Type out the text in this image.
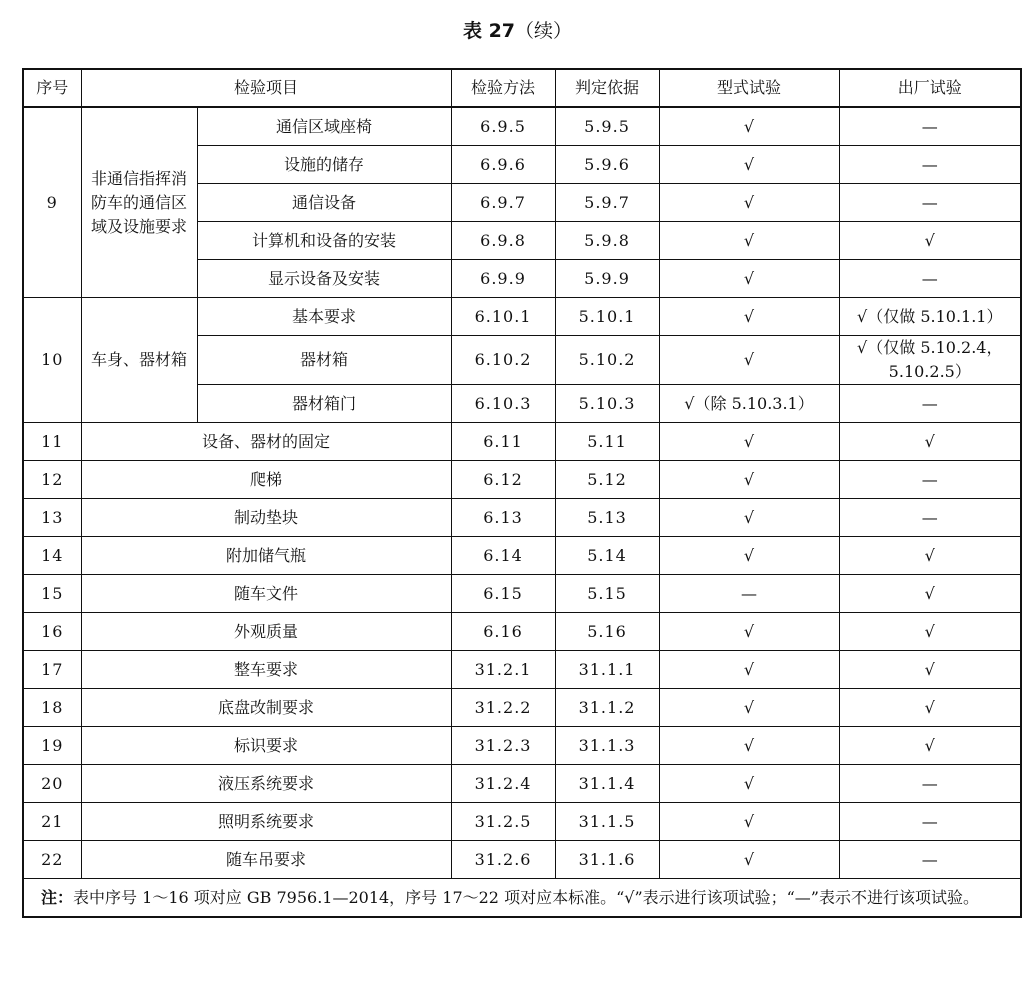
表 27（续）
序号	检验项目		检验方法	判定依据	型式试验	出厂试验
9	非通信指挥消防车的通信区域及设施要求	通信区域座椅	6.9.5	5.9.5	√	—
		设施的储存	6.9.6	5.9.6	√	—
		通信设备	6.9.7	5.9.7	√	—
		计算机和设备的安装	6.9.8	5.9.8	√	√
		显示设备及安装	6.9.9	5.9.9	√	—
10	车身、器材箱	基本要求	6.10.1	5.10.1	√	√（仅做 5.10.1.1）
		器材箱	6.10.2	5.10.2	√	√（仅做 5.10.2.4，5.10.2.5）
		器材箱门	6.10.3	5.10.3	√（除 5.10.3.1）	—
11	设备、器材的固定		6.11	5.11	√	√
12	爬梯		6.12	5.12	√	—
13	制动垫块		6.13	5.13	√	—
14	附加储气瓶		6.14	5.14	√	√
15	随车文件		6.15	5.15	—	√
16	外观质量		6.16	5.16	√	√
17	整车要求		31.2.1	31.1.1	√	√
18	底盘改制要求		31.2.2	31.1.2	√	√
19	标识要求		31.2.3	31.1.3	√	√
20	液压系统要求		31.2.4	31.1.4	√	—
21	照明系统要求		31.2.5	31.1.5	√	—
22	随车吊要求		31.2.6	31.1.6	√	—
注：表中序号 1～16 项对应 GB 7956.1—2014，序号 17～22 项对应本标准。“√”表示进行该项试验；“—”表示不进行该项试验。						
